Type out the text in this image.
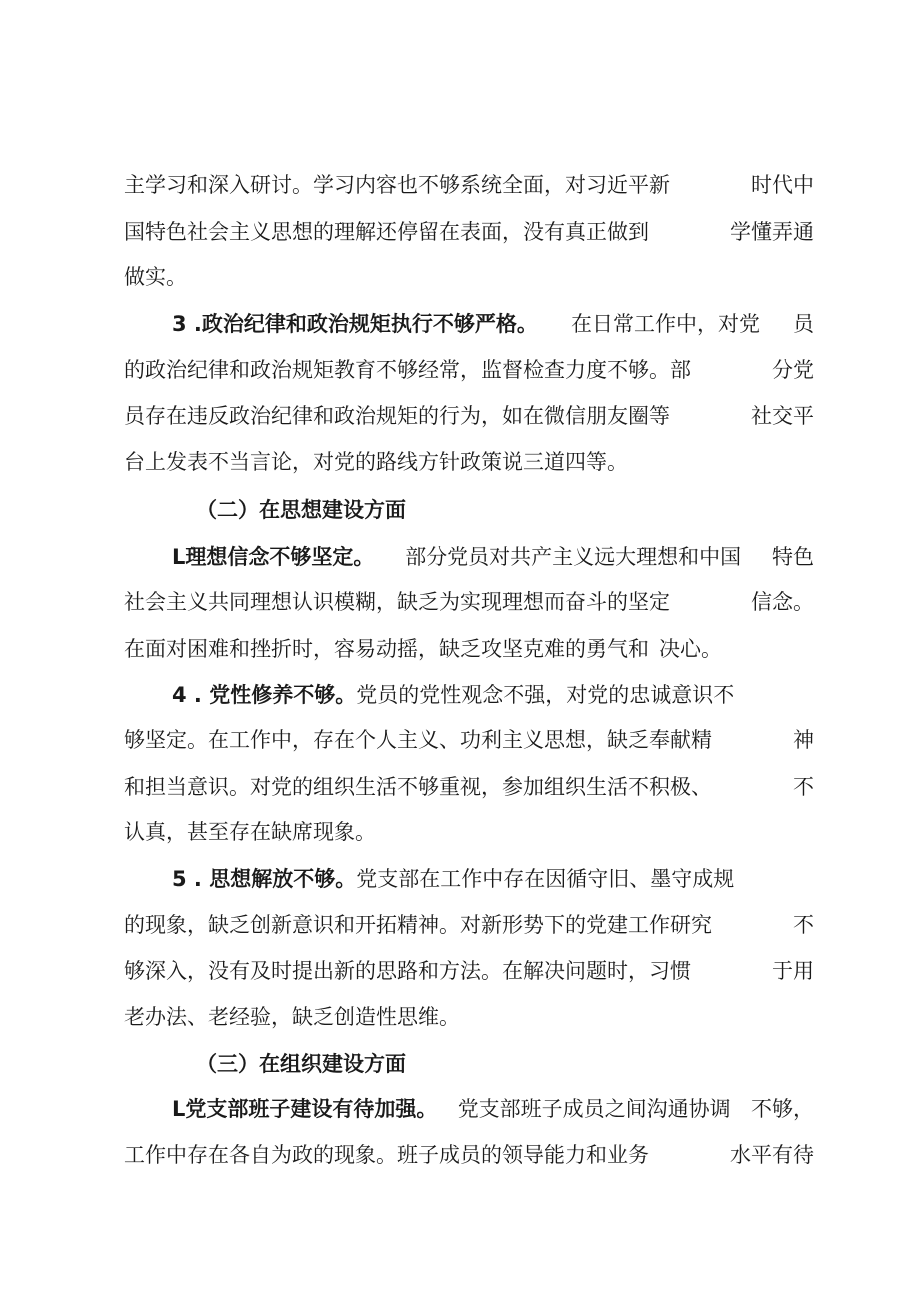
主学习和深入研讨。学习内容也不够系统全面，对习近平新	时代中
国特色社会主义思想的理解还停留在表面，没有真正做到	学懂弄通
做实。
3 .政治纪律和政治规矩执行不够严格。 在日常工作中，对党 员
的政治纪律和政治规矩教育不够经常，监督检查力度不够。部	分党
员存在违反政治纪律和政治规矩的行为，如在微信朋友圈等	社交平
台上发表不当言论，对党的路线方针政策说三道四等。
（二）在思想建设方面
L理想信念不够坚定。 部分党员对共产主义远大理想和中国 特色
社会主义共同理想认识模糊，缺乏为实现理想而奋斗的坚定	信念。
在面对困难和挫折时，容易动摇，缺乏攻坚克难的勇气和 决心。
4 . 党性修养不够。 党员的党性观念不强，对党的忠诚意识不
够坚定。在工作中，存在个人主义、功利主义思想，缺乏奉献精	神
和担当意识。对党的组织生活不够重视，参加组织生活不积极、	不
认真，甚至存在缺席现象。
5 . 思想解放不够。 党支部在工作中存在因循守旧、墨守成规
的现象，缺乏创新意识和开拓精神。对新形势下的党建工作研究	不
够深入，没有及时提出新的思路和方法。在解决问题时，习惯	于用
老办法、老经验，缺乏创造性思维。
（三）在组织建设方面
L党支部班子建设有待加强。 党支部班子成员之间沟通协调 不够，
工作中存在各自为政的现象。班子成员的领导能力和业务	水平有待
